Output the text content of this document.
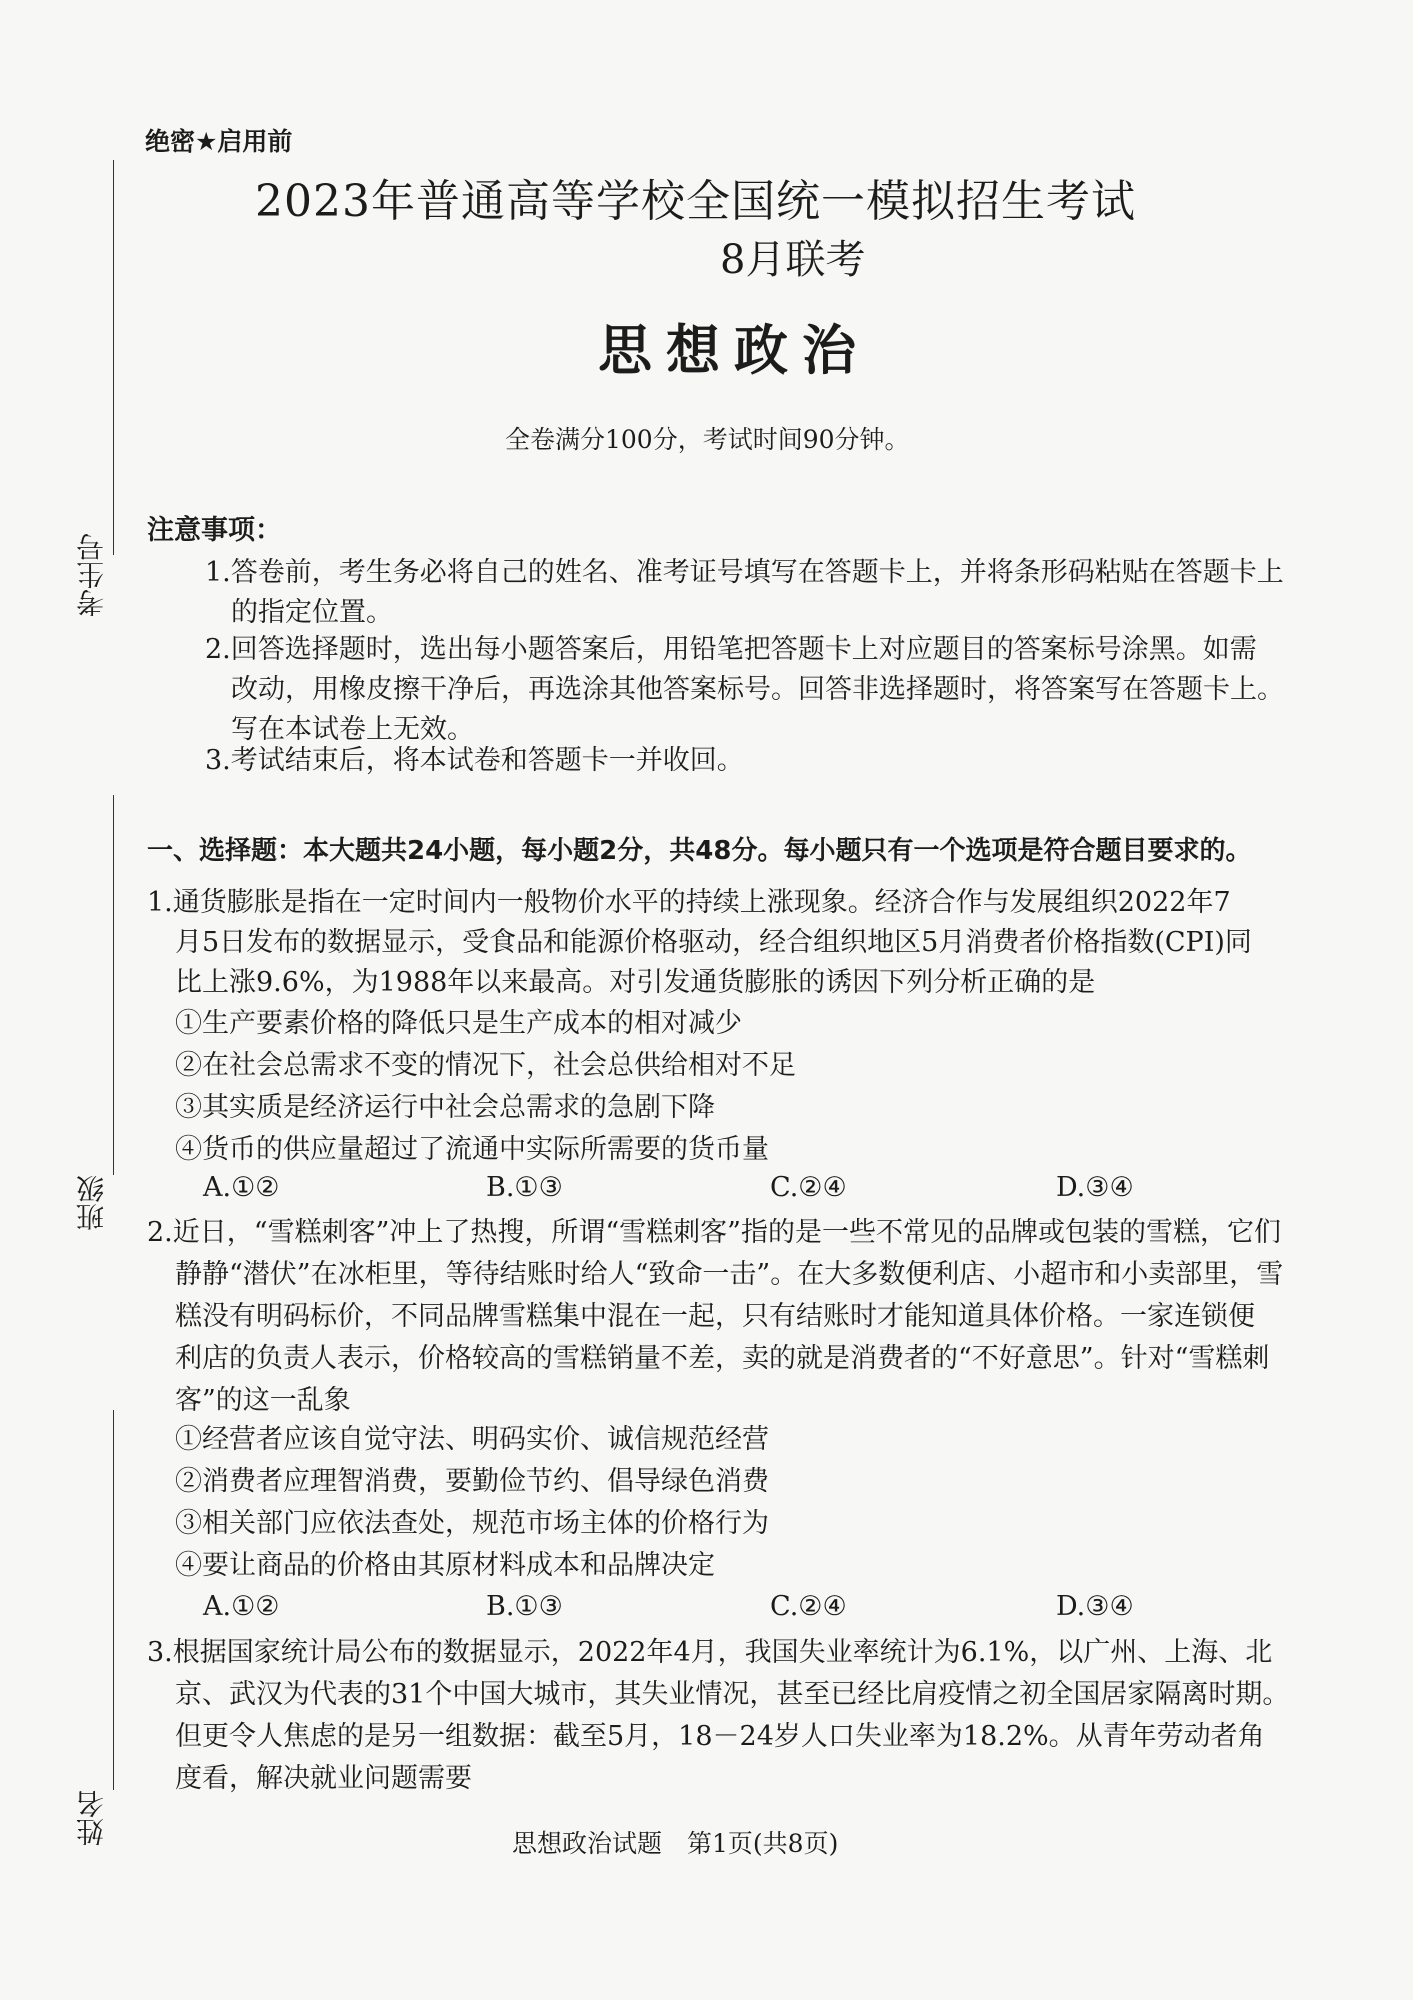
考生号
班级
姓名
绝密★启用前
2023年普通高等学校全国统一模拟招生考试
8月联考
思想政治
全卷满分100分，考试时间90分钟。
注意事项：
1.答卷前，考生务必将自己的姓名、准考证号填写在答题卡上，并将条形码粘贴在答题卡上
的指定位置。
2.回答选择题时，选出每小题答案后，用铅笔把答题卡上对应题目的答案标号涂黑。如需
改动，用橡皮擦干净后，再选涂其他答案标号。回答非选择题时，将答案写在答题卡上。
写在本试卷上无效。
3.考试结束后，将本试卷和答题卡一并收回。
一、选择题：本大题共24小题，每小题2分，共48分。每小题只有一个选项是符合题目要求的。
1.通货膨胀是指在一定时间内一般物价水平的持续上涨现象。经济合作与发展组织2022年7
月5日发布的数据显示，受食品和能源价格驱动，经合组织地区5月消费者价格指数(CPI)同
比上涨9.6%，为1988年以来最高。对引发通货膨胀的诱因下列分析正确的是
①生产要素价格的降低只是生产成本的相对减少
②在社会总需求不变的情况下，社会总供给相对不足
③其实质是经济运行中社会总需求的急剧下降
④货币的供应量超过了流通中实际所需要的货币量
A.①②	B.①③	C.②④	D.③④
2.近日，“雪糕刺客”冲上了热搜，所谓“雪糕刺客”指的是一些不常见的品牌或包装的雪糕，它们
静静“潜伏”在冰柜里，等待结账时给人“致命一击”。在大多数便利店、小超市和小卖部里，雪
糕没有明码标价，不同品牌雪糕集中混在一起，只有结账时才能知道具体价格。一家连锁便
利店的负责人表示，价格较高的雪糕销量不差，卖的就是消费者的“不好意思”。针对“雪糕刺
客”的这一乱象
①经营者应该自觉守法、明码实价、诚信规范经营
②消费者应理智消费，要勤俭节约、倡导绿色消费
③相关部门应依法查处，规范市场主体的价格行为
④要让商品的价格由其原材料成本和品牌决定
A.①②	B.①③	C.②④	D.③④
3.根据国家统计局公布的数据显示，2022年4月，我国失业率统计为6.1%，以广州、上海、北
京、武汉为代表的31个中国大城市，其失业情况，甚至已经比肩疫情之初全国居家隔离时期。
但更令人焦虑的是另一组数据：截至5月，18－24岁人口失业率为18.2%。从青年劳动者角
度看，解决就业问题需要
思想政治试题　第1页(共8页)
